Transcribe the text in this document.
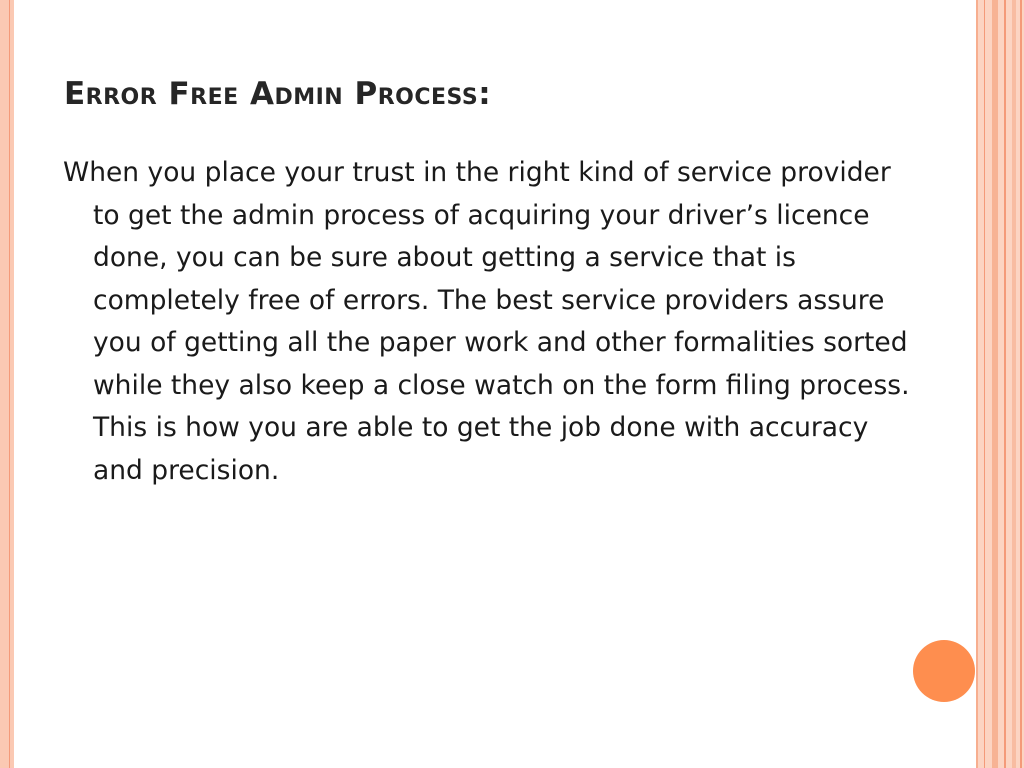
Error Free Admin Process:
When you place your trust in the right kind of service provider to get the admin process of acquiring your driver’s licence done, you can be sure about getting a service that is completely free of errors. The best service providers assure you of getting all the paper work and other formalities sorted while they also keep a close watch on the form filing process. This is how you are able to get the job done with accuracy and precision.
